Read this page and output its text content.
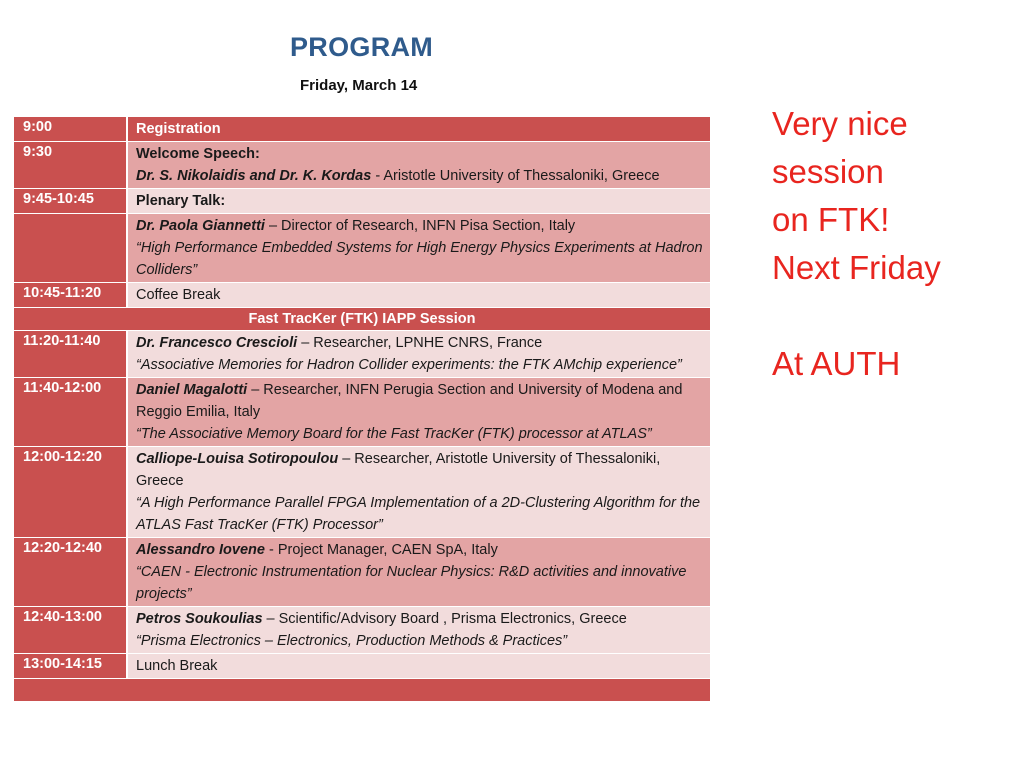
PROGRAM
Friday, March 14
9:00	Registration
9:30	Welcome Speech:
Dr. S. Nikolaidis and Dr. K. Kordas - Aristotle University of Thessaloniki, Greece
9:45-10:45	Plenary Talk:
Dr. Paola Giannetti – Director of Research, INFN Pisa Section, Italy
“High Performance Embedded Systems for High Energy Physics Experiments at Hadron Colliders”
10:45-11:20	Coffee Break
Fast TracKer (FTK) IAPP Session
11:20-11:40	Dr. Francesco Crescioli – Researcher, LPNHE CNRS, France
“Associative Memories for Hadron Collider experiments: the FTK AMchip experience”
11:40-12:00	Daniel Magalotti – Researcher, INFN Perugia Section and University of Modena and Reggio Emilia, Italy
“The Associative Memory Board for the Fast TracKer (FTK) processor at ATLAS”
12:00-12:20	Calliope-Louisa Sotiropoulou – Researcher, Aristotle University of Thessaloniki, Greece
“A High Performance Parallel FPGA Implementation of a 2D-Clustering Algorithm for the ATLAS Fast TracKer (FTK) Processor”
12:20-12:40	Alessandro Iovene - Project Manager, CAEN SpA, Italy
“CAEN - Electronic Instrumentation for Nuclear Physics: R&D activities and innovative projects”
12:40-13:00	Petros Soukoulias – Scientific/Advisory Board , Prisma Electronics, Greece
“Prisma Electronics – Electronics, Production Methods & Practices”
13:00-14:15	Lunch Break
Very nice
session
on FTK!
Next Friday
At AUTH
